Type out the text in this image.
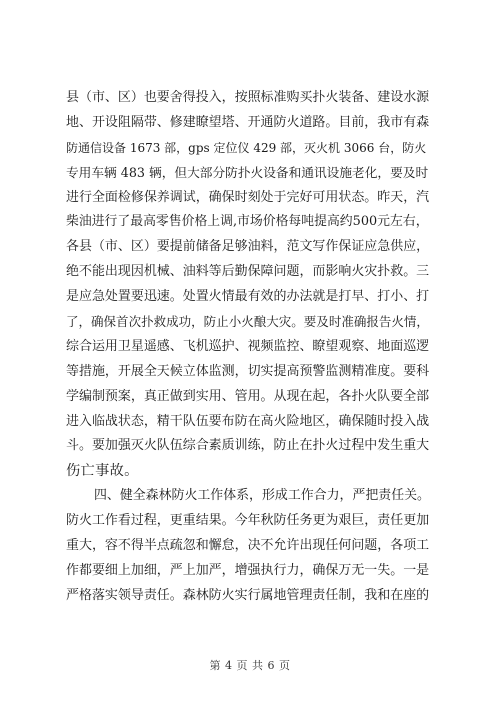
县（市、区）也要舍得投入，按照标准购买扑火装备、建设水源
地、开设阻隔带、修建瞭望塔、开通防火道路。目前，我市有森
防通信设备 1673 部，gps 定位仪 429 部，灭火机 3066 台，防火
专用车辆 483 辆，但大部分防扑火设备和通讯设施老化，要及时
进行全面检修保养调试，确保时刻处于完好可用状态。昨天，汽
柴油进行了最高零售价格上调,市场价格每吨提高约500元左右，
各县（市、区）要提前储备足够油料，范文写作保证应急供应，
绝不能出现因机械、油料等后勤保障问题，而影响火灾扑救。三
是应急处置要迅速。处置火情最有效的办法就是打早、打小、打
了，确保首次扑救成功，防止小火酿大灾。要及时准确报告火情，
综合运用卫星遥感、飞机巡护、视频监控、瞭望观察、地面巡逻
等措施，开展全天候立体监测，切实提高预警监测精准度。要科
学编制预案，真正做到实用、管用。从现在起，各扑火队要全部
进入临战状态，精干队伍要布防在高火险地区，确保随时投入战
斗。要加强灭火队伍综合素质训练，防止在扑火过程中发生重大
伤亡事故。
四、健全森林防火工作体系，形成工作合力，严把责任关。
防火工作看过程，更重结果。今年秋防任务更为艰巨，责任更加
重大，容不得半点疏忽和懈怠，决不允许出现任何问题，各项工
作都要细上加细，严上加严，增强执行力，确保万无一失。一是
严格落实领导责任。森林防火实行属地管理责任制，我和在座的
第 4 页 共 6 页
